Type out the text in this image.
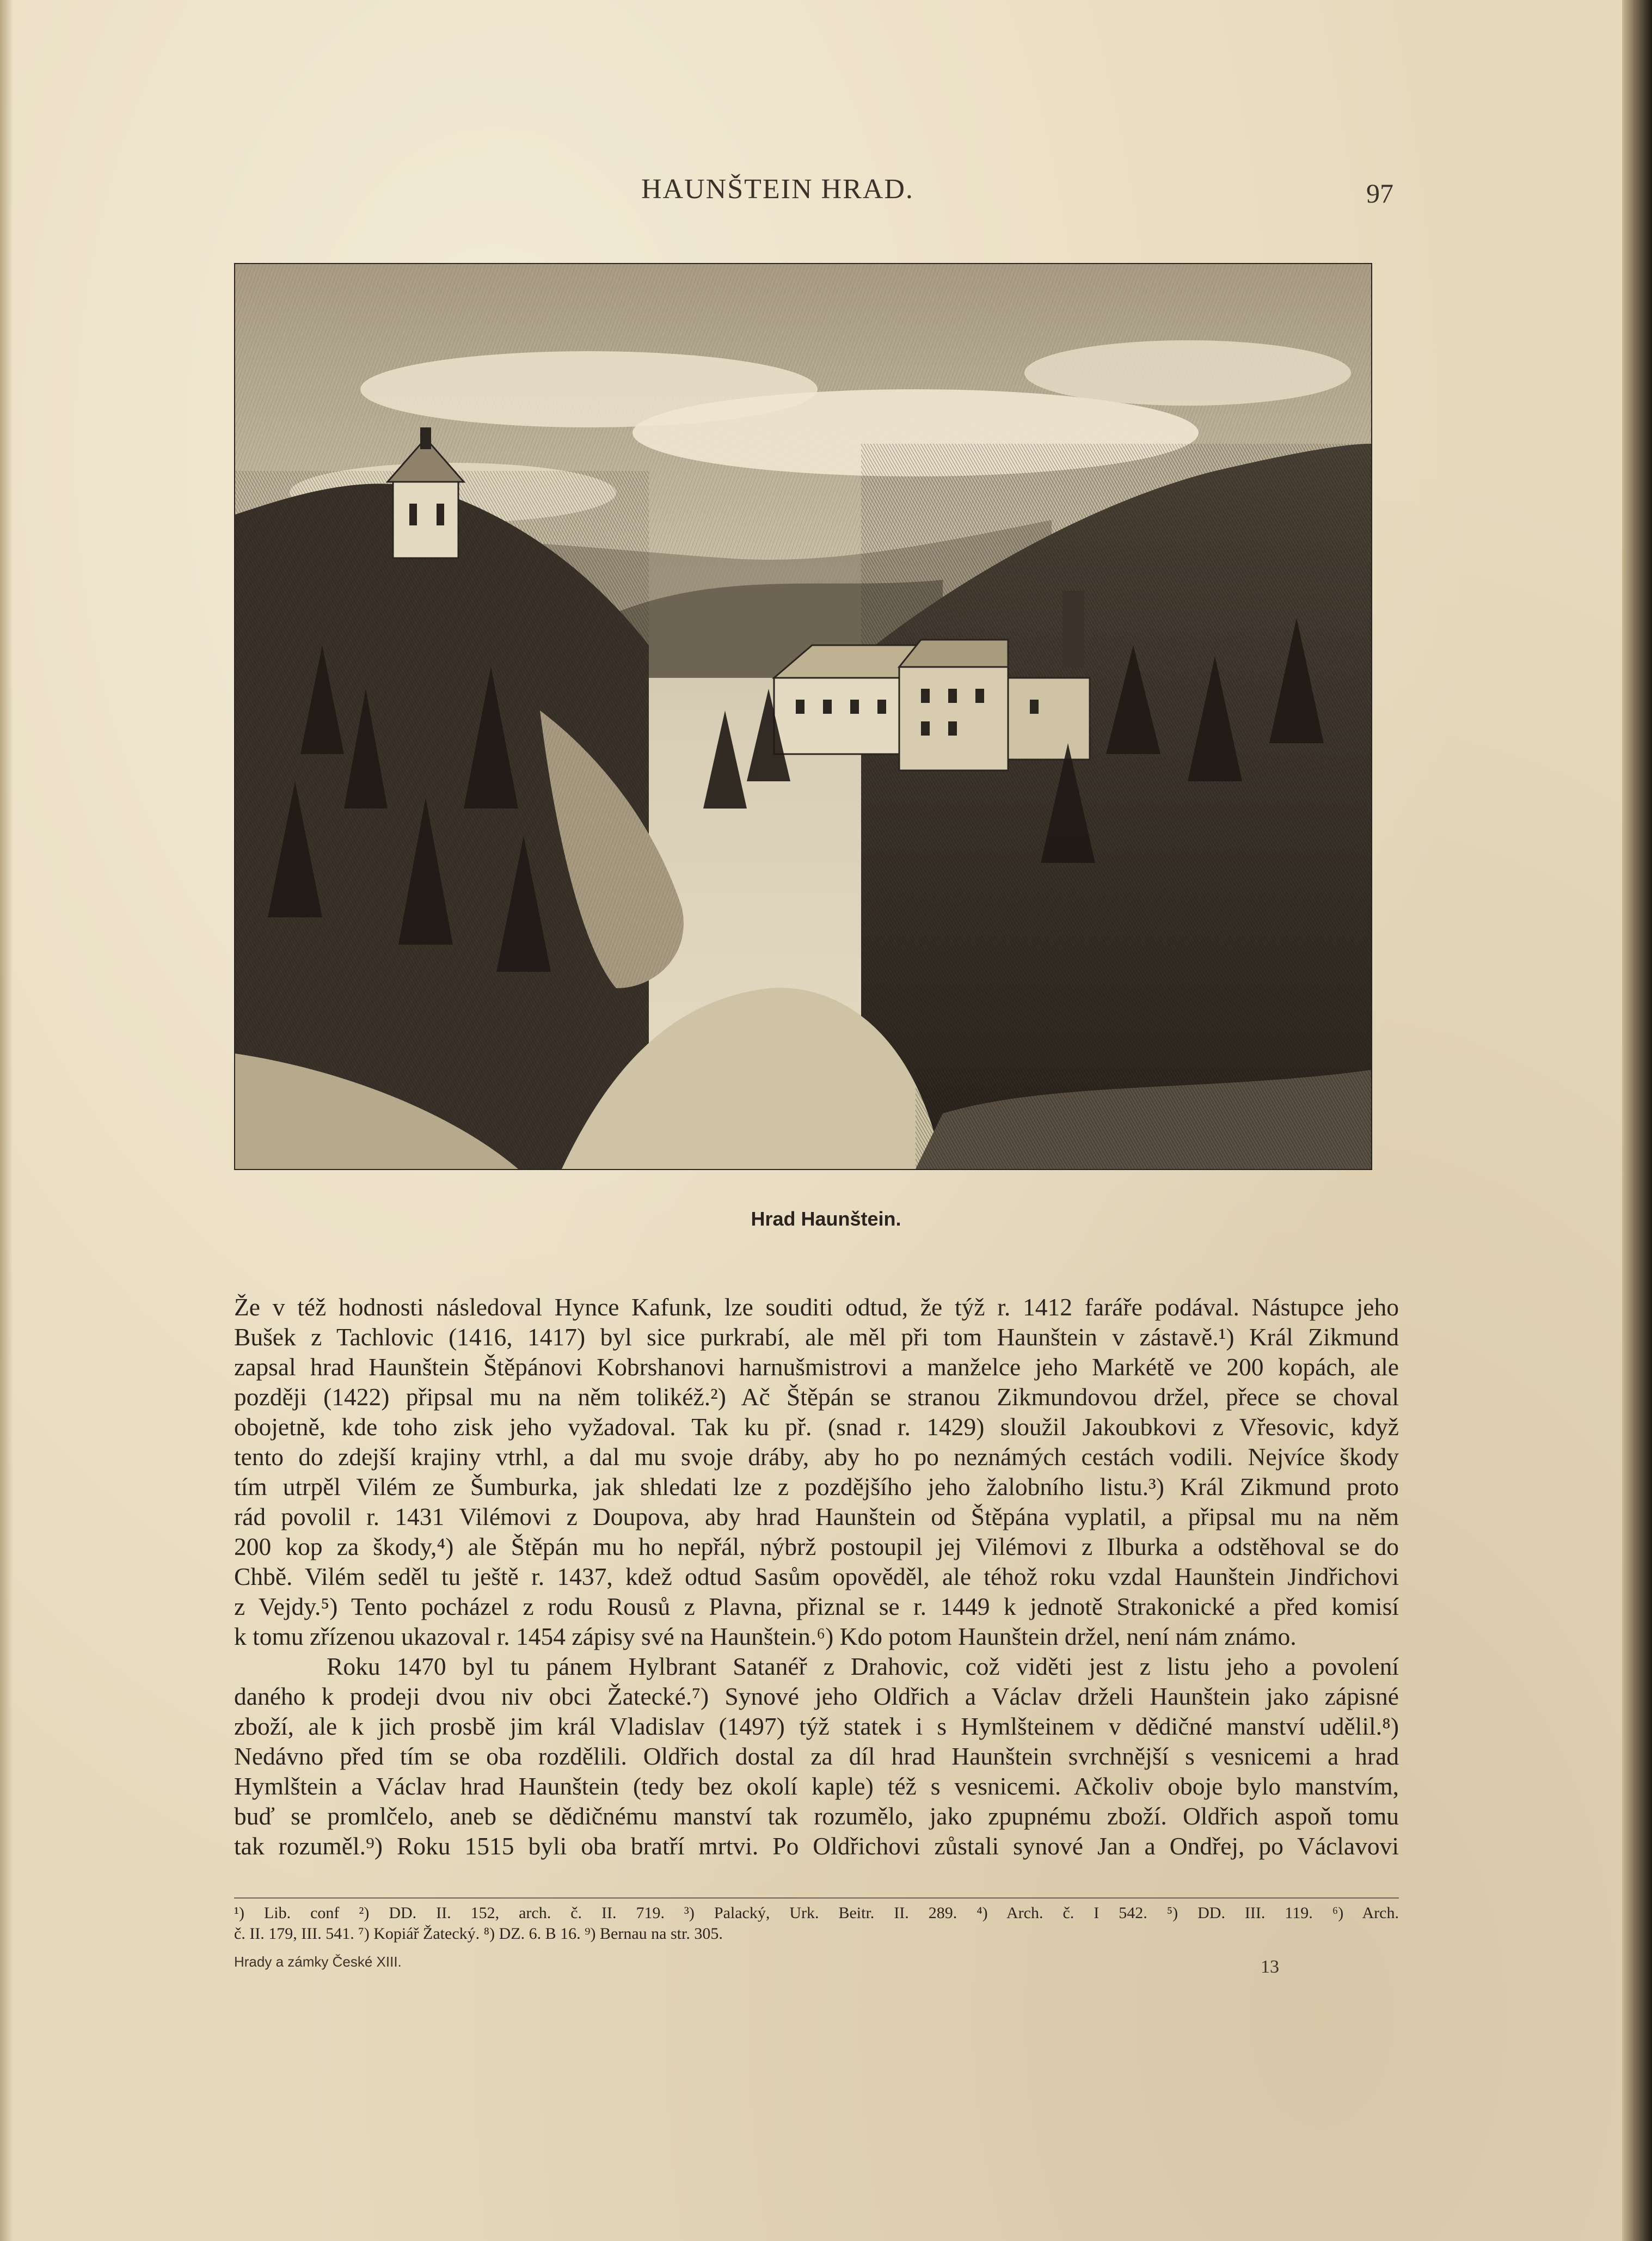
HAUNŠTEIN HRAD.	97
Hrad Haunštein.
Že v též hodnosti následoval Hynce Kafunk, lze souditi odtud, že týž r. 1412 faráře podával. Nástupce jeho
Bušek z Tachlovic (1416, 1417) byl sice purkrabí, ale měl při tom Haunštein v zástavě.¹) Král Zikmund
zapsal hrad Haunštein Štěpánovi Kobrshanovi harnušmistrovi a manželce jeho Markétě ve 200 kopách, ale
později (1422) připsal mu na něm tolikéž.²) Ač Štěpán se stranou Zikmundovou držel, přece se choval
obojetně, kde toho zisk jeho vyžadoval. Tak ku př. (snad r. 1429) sloužil Jakoubkovi z Vřesovic, když
tento do zdejší krajiny vtrhl, a dal mu svoje dráby, aby ho po neznámých cestách vodili. Nejvíce škody
tím utrpěl Vilém ze Šumburka, jak shledati lze z pozdějšího jeho žalobního listu.³) Král Zikmund proto
rád povolil r. 1431 Vilémovi z Doupova, aby hrad Haunštein od Štěpána vyplatil, a připsal mu na něm
200 kop za škody,⁴) ale Štěpán mu ho nepřál, nýbrž postoupil jej Vilémovi z Ilburka a odstěhoval se do
Chbě. Vilém seděl tu ještě r. 1437, kdež odtud Sasům opověděl, ale téhož roku vzdal Haunštein Jindřichovi
z Vejdy.⁵) Tento pocházel z rodu Rousů z Plavna, přiznal se r. 1449 k jednotě Strakonické a před komisí
k tomu zřízenou ukazoval r. 1454 zápisy své na Haunštein.⁶) Kdo potom Haunštein držel, není nám známo.
Roku 1470 byl tu pánem Hylbrant Satanéř z Drahovic, což viděti jest z listu jeho a povolení
daného k prodeji dvou niv obci Žatecké.⁷) Synové jeho Oldřich a Václav drželi Haunštein jako zápisné
zboží, ale k jich prosbě jim král Vladislav (1497) týž statek i s Hymlšteinem v dědičné manství udělil.⁸)
Nedávno před tím se oba rozdělili. Oldřich dostal za díl hrad Haunštein svrchnější s vesnicemi a hrad
Hymlštein a Václav hrad Haunštein (tedy bez okolí kaple) též s vesnicemi. Ačkoliv oboje bylo manstvím,
buď se promlčelo, aneb se dědičnému manství tak rozumělo, jako zpupnému zboží. Oldřich aspoň tomu
tak rozuměl.⁹) Roku 1515 byli oba bratří mrtvi. Po Oldřichovi zůstali synové Jan a Ondřej, po Václavovi
¹) Lib. conf ²) DD. II. 152, arch. č. II. 719. ³) Palacký, Urk. Beitr. II. 289. ⁴) Arch. č. I 542. ⁵) DD. III. 119. ⁶) Arch.
č. II. 179, III. 541. ⁷) Kopiář Žatecký. ⁸) DZ. 6. B 16. ⁹) Bernau na str. 305.
Hrady a zámky České XIII.	13
